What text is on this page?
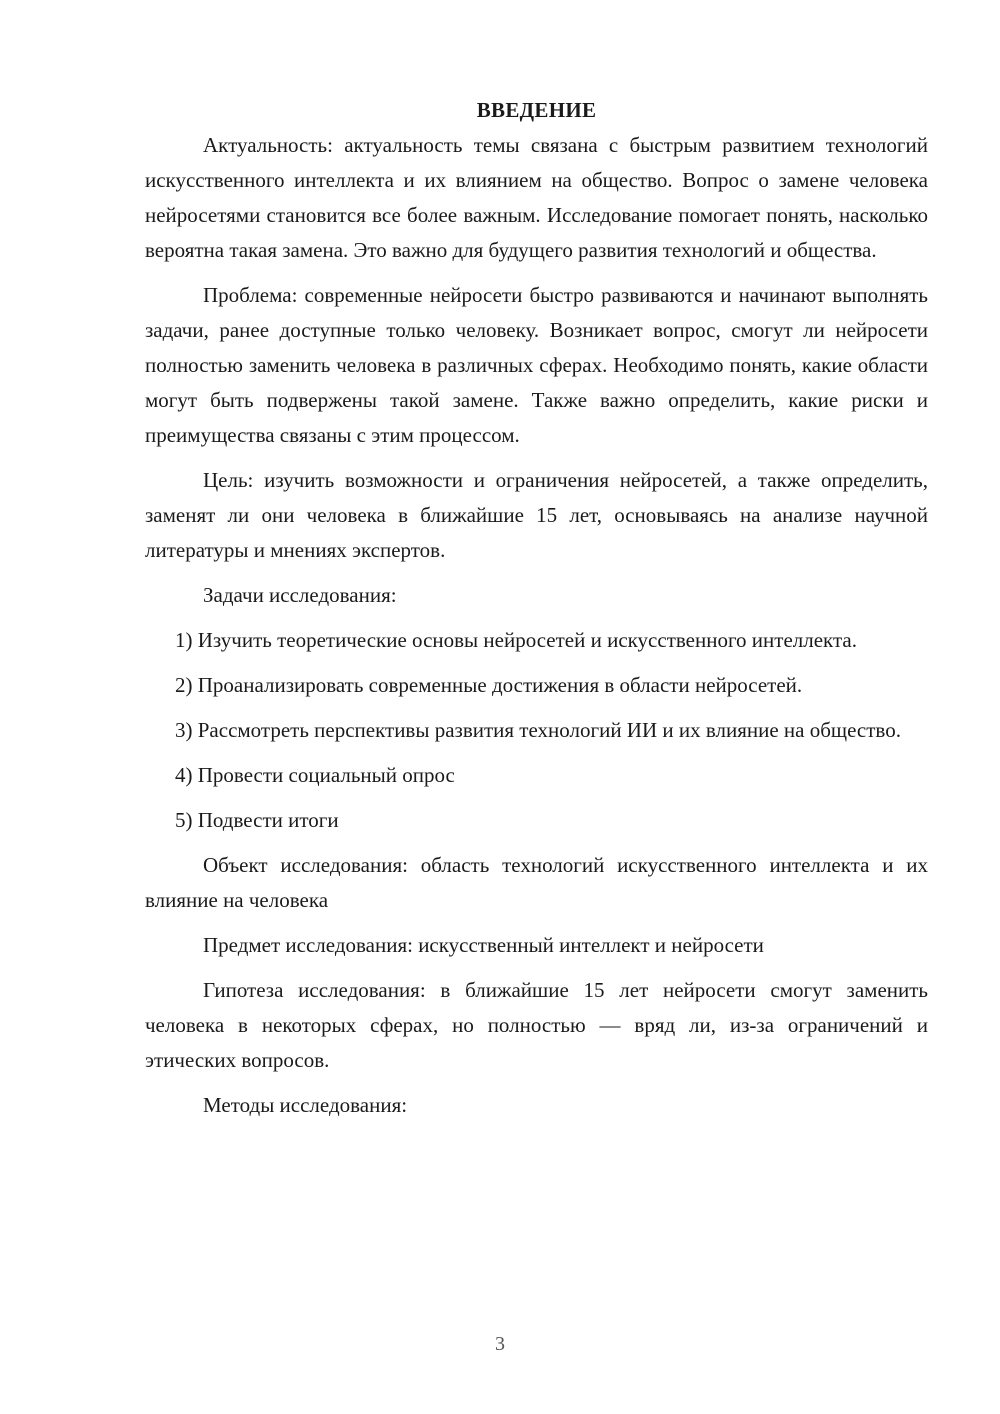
ВВЕДЕНИЕ

Актуальность: актуальность темы связана с быстрым развитием технологий искусственного интеллекта и их влиянием на общество. Вопрос о замене человека нейросетями становится все более важным. Исследование помогает понять, насколько вероятна такая замена. Это важно для будущего развития технологий и общества.

Проблема: современные нейросети быстро развиваются и начинают выполнять задачи, ранее доступные только человеку. Возникает вопрос, смогут ли нейросети полностью заменить человека в различных сферах. Необходимо понять, какие области могут быть подвержены такой замене. Также важно определить, какие риски и преимущества связаны с этим процессом.

Цель: изучить возможности и ограничения нейросетей, а также определить, заменят ли они человека в ближайшие 15 лет, основываясь на анализе научной литературы и мнениях экспертов.

Задачи исследования:

1) Изучить теоретические основы нейросетей и искусственного интеллекта.

2) Проанализировать современные достижения в области нейросетей.

3) Рассмотреть перспективы развития технологий ИИ и их влияние на общество.

4) Провести социальный опрос

5) Подвести итоги

Объект исследования: область технологий искусственного интеллекта и их влияние на человека

Предмет исследования: искусственный интеллект и нейросети

Гипотеза исследования: в ближайшие 15 лет нейросети смогут заменить человека в некоторых сферах, но полностью — вряд ли, из-за ограничений и этических вопросов.

Методы исследования:

3
